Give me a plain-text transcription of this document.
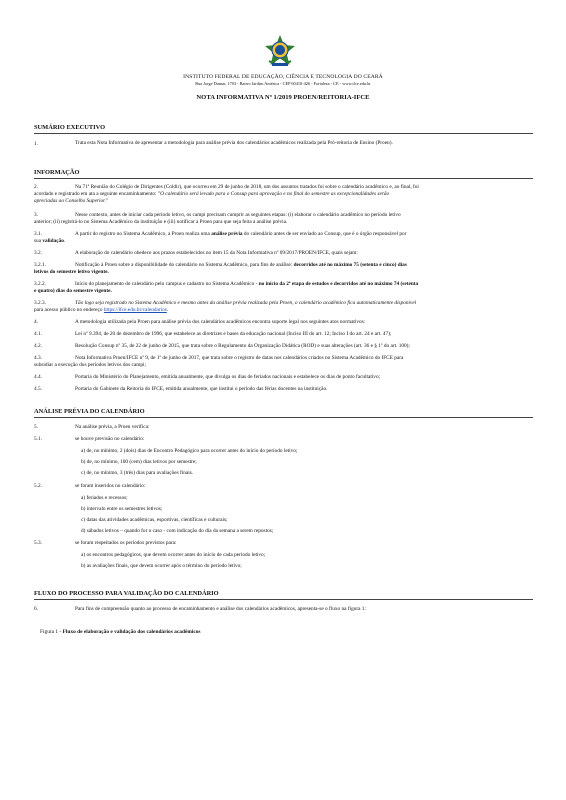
INSTITUTO FEDERAL DE EDUCAÇÃO, CIÊNCIA E TECNOLOGIA DO CEARÁ
Rua Jorge Dumar, 1703 - Bairro Jardim América - CEP 60410-426 - Fortaleza - CE - www.ifce.edu.br
NOTA INFORMATIVA Nº 1/2019 PROEN/REITORIA-IFCE
SUMÁRIO EXECUTIVO
1.	Trata esta Nota Informativa de apresentar a metodologia para análise prévia dos calendários acadêmicos realizada pela Pró-reitoria de Ensino (Proen).
INFORMAÇÃO
2.	Na 71ª Reunião do Colégio de Dirigentes (Coldir), que ocorreu em 29 de junho de 2018, um dos assuntos tratados foi sobre o calendário acadêmico e, ao final, foi
acordado e registrado em ata a seguinte encaminhamento: "O calendário será levado para o Consup para aprovação e no final do semestre as excepcionalidades serão
apreciadas ao Conselho Superior."
3.	Nesse contexto, antes de iniciar cada período letivo, os campi precisam cumprir as seguintes etapas: (i) elaborar o calendário acadêmico no período letivo
anterior; (ii) registrá-lo no Sistema Acadêmico da instituição e (iii) notificar a Proen para que seja feita a análise prévia.
3.1.	A partir do registro no Sistema Acadêmico, a Proen realiza uma análise prévia do calendário antes de ser enviado ao Consup, que é o órgão responsável por
sua validação.
3.2.	A elaboração do calendário obedece aos prazos estabelecidos no item 15 da Nota Informativa nº 09/2017/PROEN/IFCE, quais sejam:
3.2.1.	Notificação à Proen sobre a disponibilidade do calendário no Sistema Acadêmico, para fins de análise: decorridos até no máximo 75 (setenta e cinco) dias
letivos do semestre letivo vigente.
3.2.2.	Início do planejamento do calendário pelo campus e cadastro no Sistema Acadêmico - no início da 2ª etapa de estudos e decorridos até no máximo 74 (setenta
e quatro) dias do semestre vigente.
3.2.3.	Tão logo seja registrado no Sistema Acadêmico e mesmo antes da análise prévia realizada pela Proen, o calendário acadêmico fica automaticamente disponível
para acesso público no endereço https://ifce.edu.br/calendarios.
4.	A metodologia utilizada pela Proen para análise prévia dos calendários acadêmicos encontra suporte legal nos seguintes atos normativos:
4.1.	Lei nº 9.394, de 20 de dezembro de 1996, que estabelece as diretrizes e bases da educação nacional (Inciso III do art. 12; Inciso I do art. 24 e art. 47);
4.2.	Resolução Consup nº 35, de 22 de junho de 2015, que trata sobre o Regulamento da Organização Didática (ROD) e suas alterações (art. 36 e § 1º do art. 100);
4.3.	Nota Informativa Proen/IFCE nº 9, de 1º de junho de 2017, que trata sobre o registro de datas nos calendários criados no Sistema Acadêmico do IFCE para
subsidiar a execução dos períodos letivos dos campi;
4.4.	Portaria do Ministério do Planejamento, emitida anualmente, que divulga os dias de feriados nacionais e estabelece os dias de ponto facultativo;
4.5.	Portaria do Gabinete da Reitoria do IFCE, emitida anualmente, que institui o período das férias docentes na instituição.
ANÁLISE PRÉVIA DO CALENDÁRIO
5.	Na análise prévia, a Proen verifica:
5.1.	se houve previsão no calendário:
a) de, no mínimo, 2 (dois) dias de Encontro Pedagógico para ocorrer antes do início do período letivo;
b) de, no mínimo, 100 (cem) dias letivos por semestre;
c) de, no mínimo, 3 (três) dias para avaliações finais.
5.2.	se foram inseridos no calendário:
a) feriados e recessos;
b) intervalo entre os semestres letivos;
c) datas das atividades acadêmicas, esportivas, científicas e culturais;
d) sábados letivos – quando for o caso - com indicação do dia da semana a serem repostos;
5.3.	se foram respeitados os períodos previstos para:
a) os encontros pedagógicos, que devem ocorrer antes do início de cada período letivo;
b) as avaliações finais, que devem ocorrer após o término do período letivo;
FLUXO DO PROCESSO PARA VALIDAÇÃO DO CALENDÁRIO
6.	Para fins de compreensão quanto ao processo de encaminhamento e análise dos calendários acadêmicos, apresenta-se o fluxo na figura 1:
Figura 1 - Fluxo de elaboração e validação dos calendários acadêmicos
